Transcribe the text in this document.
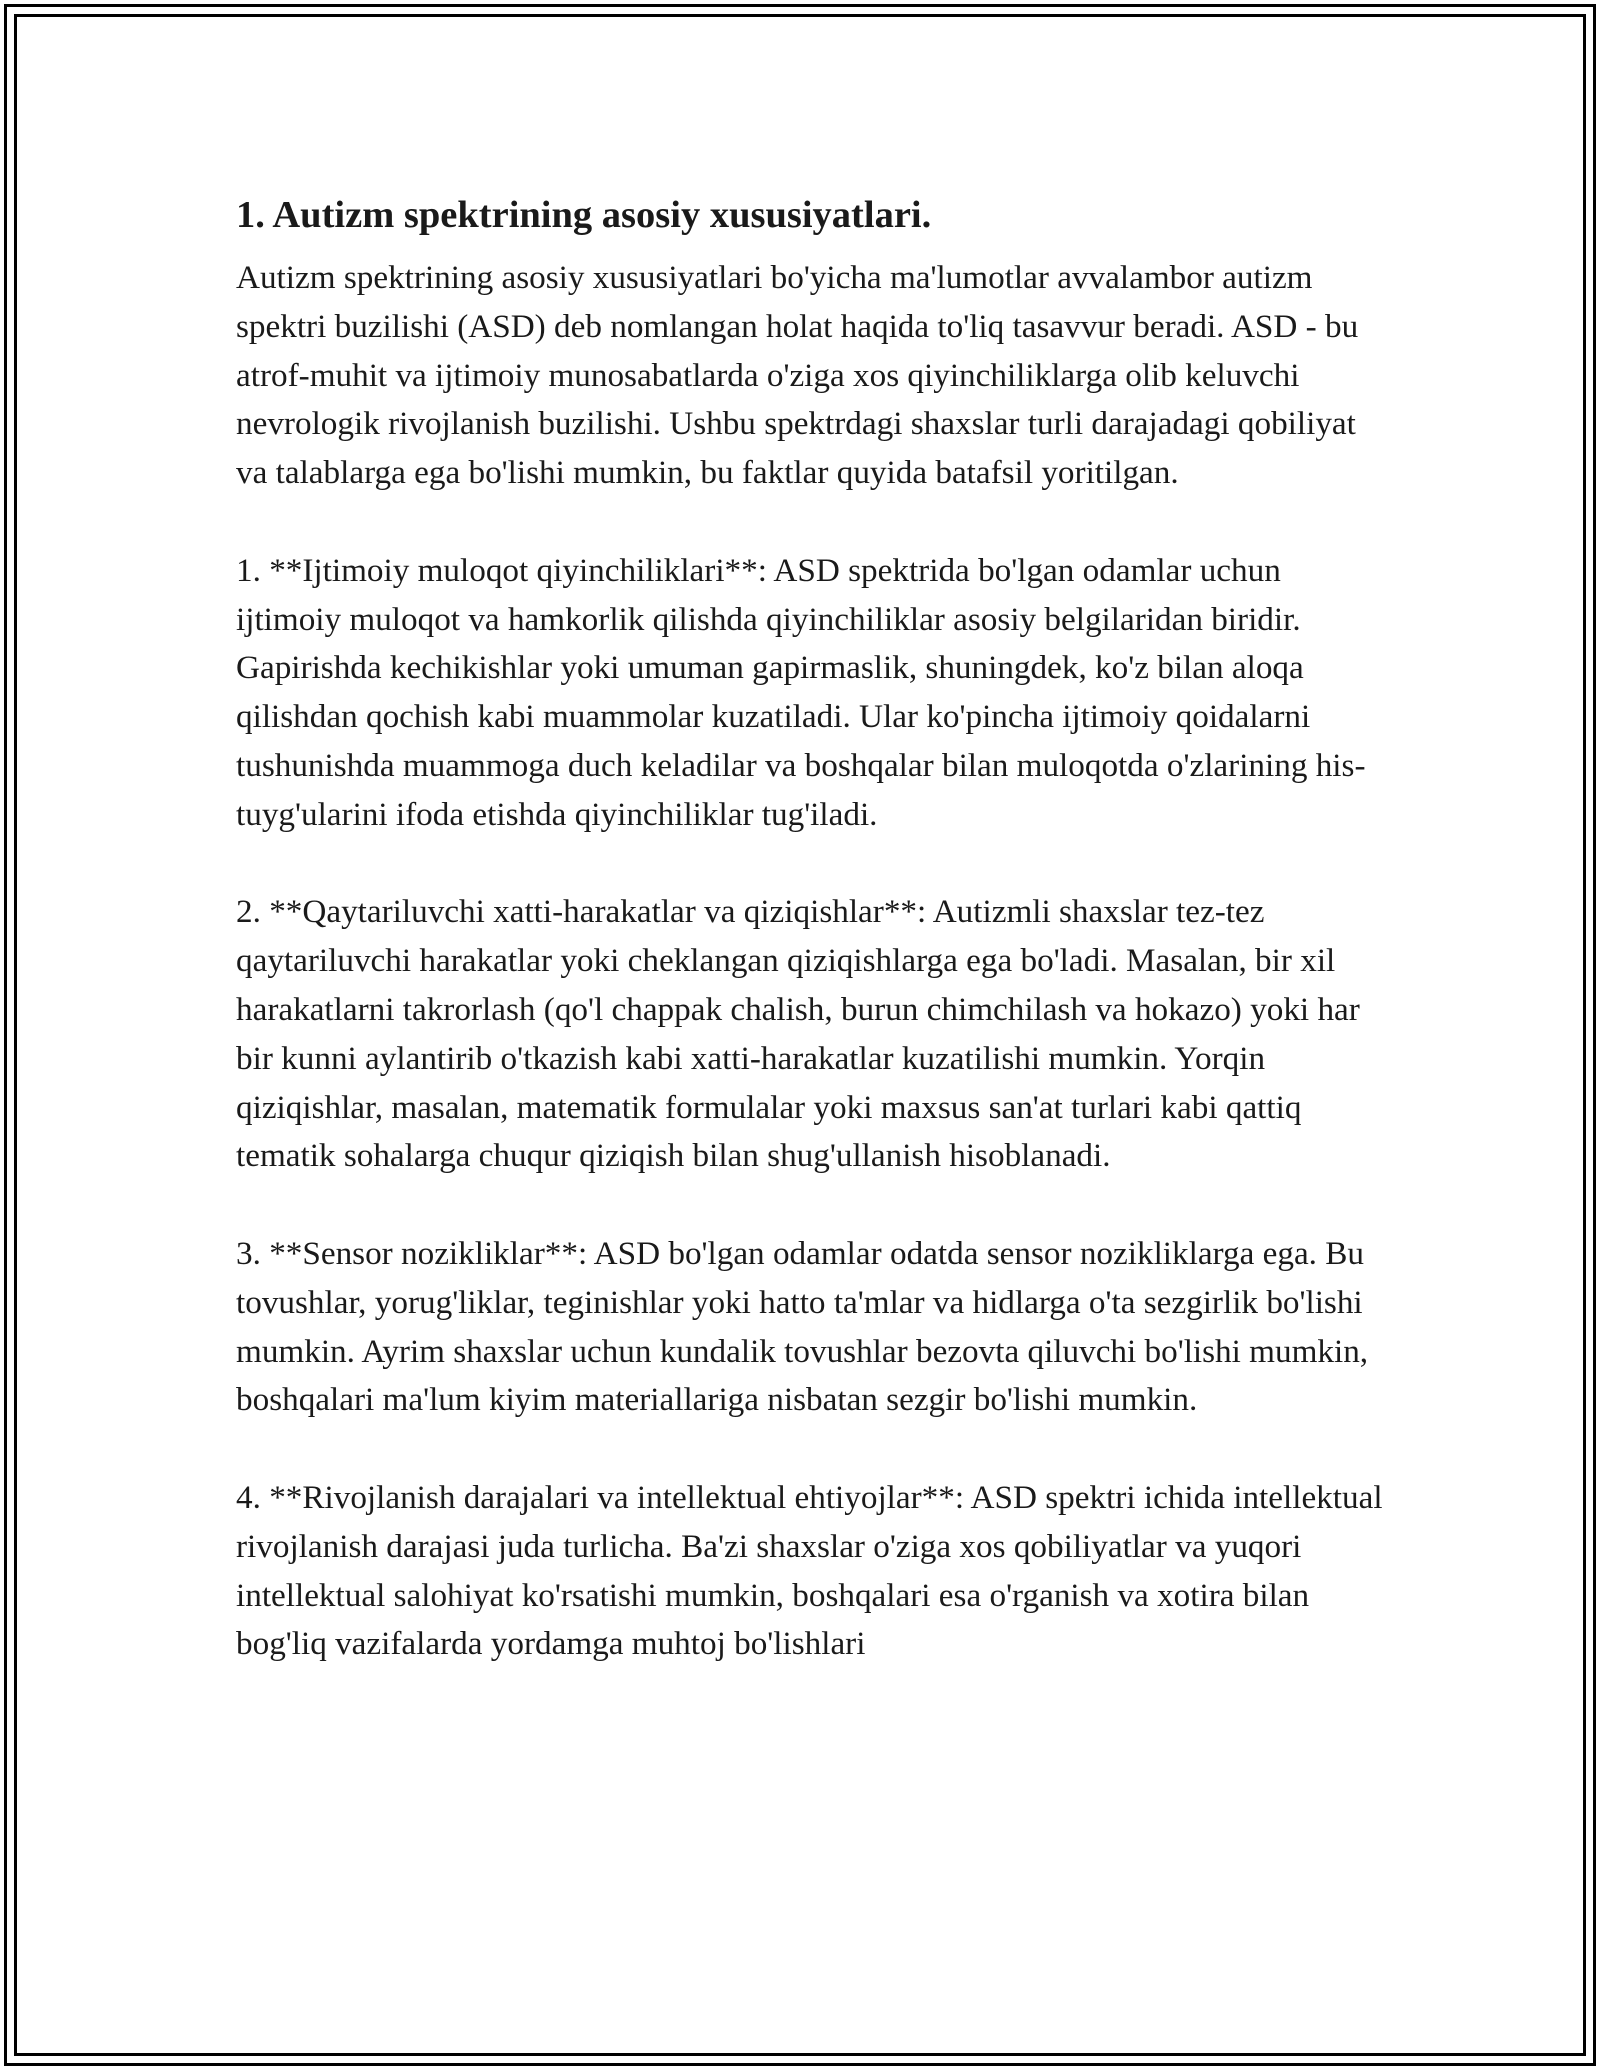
1. Autizm spektrining asosiy xususiyatlari.

Autizm spektrining asosiy xususiyatlari bo'yicha ma'lumotlar avvalambor autizm spektri buzilishi (ASD) deb nomlangan holat haqida to'liq tasavvur beradi. ASD - bu atrof-muhit va ijtimoiy munosabatlarda o'ziga xos qiyinchiliklarga olib keluvchi nevrologik rivojlanish buzilishi. Ushbu spektrdagi shaxslar turli darajadagi qobiliyat va talablarga ega bo'lishi mumkin, bu faktlar quyida batafsil yoritilgan.

1. **Ijtimoiy muloqot qiyinchiliklari**: ASD spektrida bo'lgan odamlar uchun ijtimoiy muloqot va hamkorlik qilishda qiyinchiliklar asosiy belgilaridan biridir. Gapirishda kechikishlar yoki umuman gapirmaslik, shuningdek, ko'z bilan aloqa qilishdan qochish kabi muammolar kuzatiladi. Ular ko'pincha ijtimoiy qoidalarni tushunishda muammoga duch keladilar va boshqalar bilan muloqotda o'zlarining his-tuyg'ularini ifoda etishda qiyinchiliklar tug'iladi.

2. **Qaytariluvchi xatti-harakatlar va qiziqishlar**: Autizmli shaxslar tez-tez qaytariluvchi harakatlar yoki cheklangan qiziqishlarga ega bo'ladi. Masalan, bir xil harakatlarni takrorlash (qo'l chappak chalish, burun chimchilash va hokazo) yoki har bir kunni aylantirib o'tkazish kabi xatti-harakatlar kuzatilishi mumkin. Yorqin qiziqishlar, masalan, matematik formulalar yoki maxsus san'at turlari kabi qattiq tematik sohalarga chuqur qiziqish bilan shug'ullanish hisoblanadi.

3. **Sensor nozikliklar**: ASD bo'lgan odamlar odatda sensor nozikliklarga ega. Bu tovushlar, yorug'liklar, teginishlar yoki hatto ta'mlar va hidlarga o'ta sezgirlik bo'lishi mumkin. Ayrim shaxslar uchun kundalik tovushlar bezovta qiluvchi bo'lishi mumkin, boshqalari ma'lum kiyim materiallariga nisbatan sezgir bo'lishi mumkin.

4. **Rivojlanish darajalari va intellektual ehtiyojlar**: ASD spektri ichida intellektual rivojlanish darajasi juda turlicha. Ba'zi shaxslar o'ziga xos qobiliyatlar va yuqori intellektual salohiyat ko'rsatishi mumkin, boshqalari esa o'rganish va xotira bilan bog'liq vazifalarda yordamga muhtoj bo'lishlari
